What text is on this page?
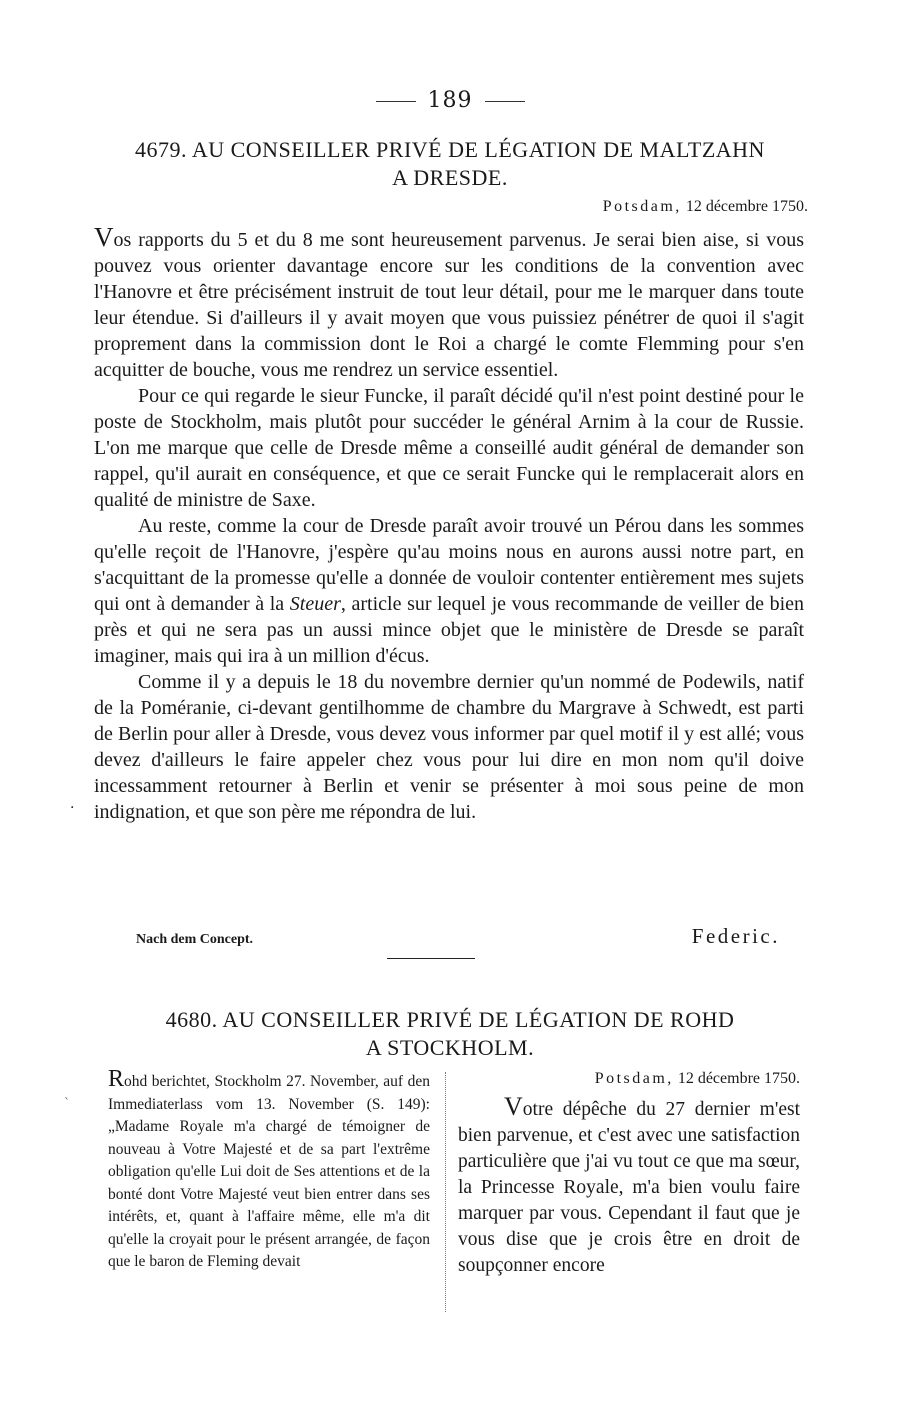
189
4679. AU CONSEILLER PRIVÉ DE LÉGATION DE MALTZAHN
A DRESDE.
Potsdam, 12 décembre 1750.

Vos rapports du 5 et du 8 me sont heureusement parvenus. Je serai bien aise, si vous pouvez vous orienter davantage encore sur les conditions de la convention avec l'Hanovre et être précisément instruit de tout leur détail, pour me le marquer dans toute leur étendue. Si d'ailleurs il y avait moyen que vous puissiez pénétrer de quoi il s'agit proprement dans la commission dont le Roi a chargé le comte Flemming pour s'en acquitter de bouche, vous me rendrez un service essentiel.

Pour ce qui regarde le sieur Funcke, il paraît décidé qu'il n'est point destiné pour le poste de Stockholm, mais plutôt pour succéder le général Arnim à la cour de Russie. L'on me marque que celle de Dresde même a conseillé audit général de demander son rappel, qu'il aurait en conséquence, et que ce serait Funcke qui le remplacerait alors en qualité de ministre de Saxe.

Au reste, comme la cour de Dresde paraît avoir trouvé un Pérou dans les sommes qu'elle reçoit de l'Hanovre, j'espère qu'au moins nous en aurons aussi notre part, en s'acquittant de la promesse qu'elle a donnée de vouloir contenter entièrement mes sujets qui ont à demander à la Steuer, article sur lequel je vous recommande de veiller de bien près et qui ne sera pas un aussi mince objet que le ministère de Dresde se paraît imaginer, mais qui ira à un million d'écus.

Comme il y a depuis le 18 du novembre dernier qu'un nommé de Podewils, natif de la Poméranie, ci-devant gentilhomme de chambre du Margrave à Schwedt, est parti de Berlin pour aller à Dresde, vous devez vous informer par quel motif il y est allé; vous devez d'ailleurs le faire appeler chez vous pour lui dire en mon nom qu'il doive incessamment retourner à Berlin et venir se présenter à moi sous peine de mon indignation, et que son père me répondra de lui.

·
Nach dem Concept.	Federic.
4680. AU CONSEILLER PRIVÉ DE LÉGATION DE ROHD
A STOCKHOLM.
`

Rohd berichtet, Stockholm 27. November, auf den Immediaterlass vom 13. November (S. 149): „Madame Royale m'a chargé de témoigner de nouveau à Votre Majesté et de sa part l'extrême obligation qu'elle Lui doit de Ses attentions et de la bonté dont Votre Majesté veut bien entrer dans ses intérêts, et, quant à l'affaire même, elle m'a dit qu'elle la croyait pour le présent arrangée, de façon que le baron de Fleming devait

Potsdam, 12 décembre 1750.

Votre dépêche du 27 dernier m'est bien parvenue, et c'est avec une satisfaction particulière que j'ai vu tout ce que ma sœur, la Princesse Royale, m'a bien voulu faire marquer par vous. Cependant il faut que je vous dise que je crois être en droit de soupçonner encore
